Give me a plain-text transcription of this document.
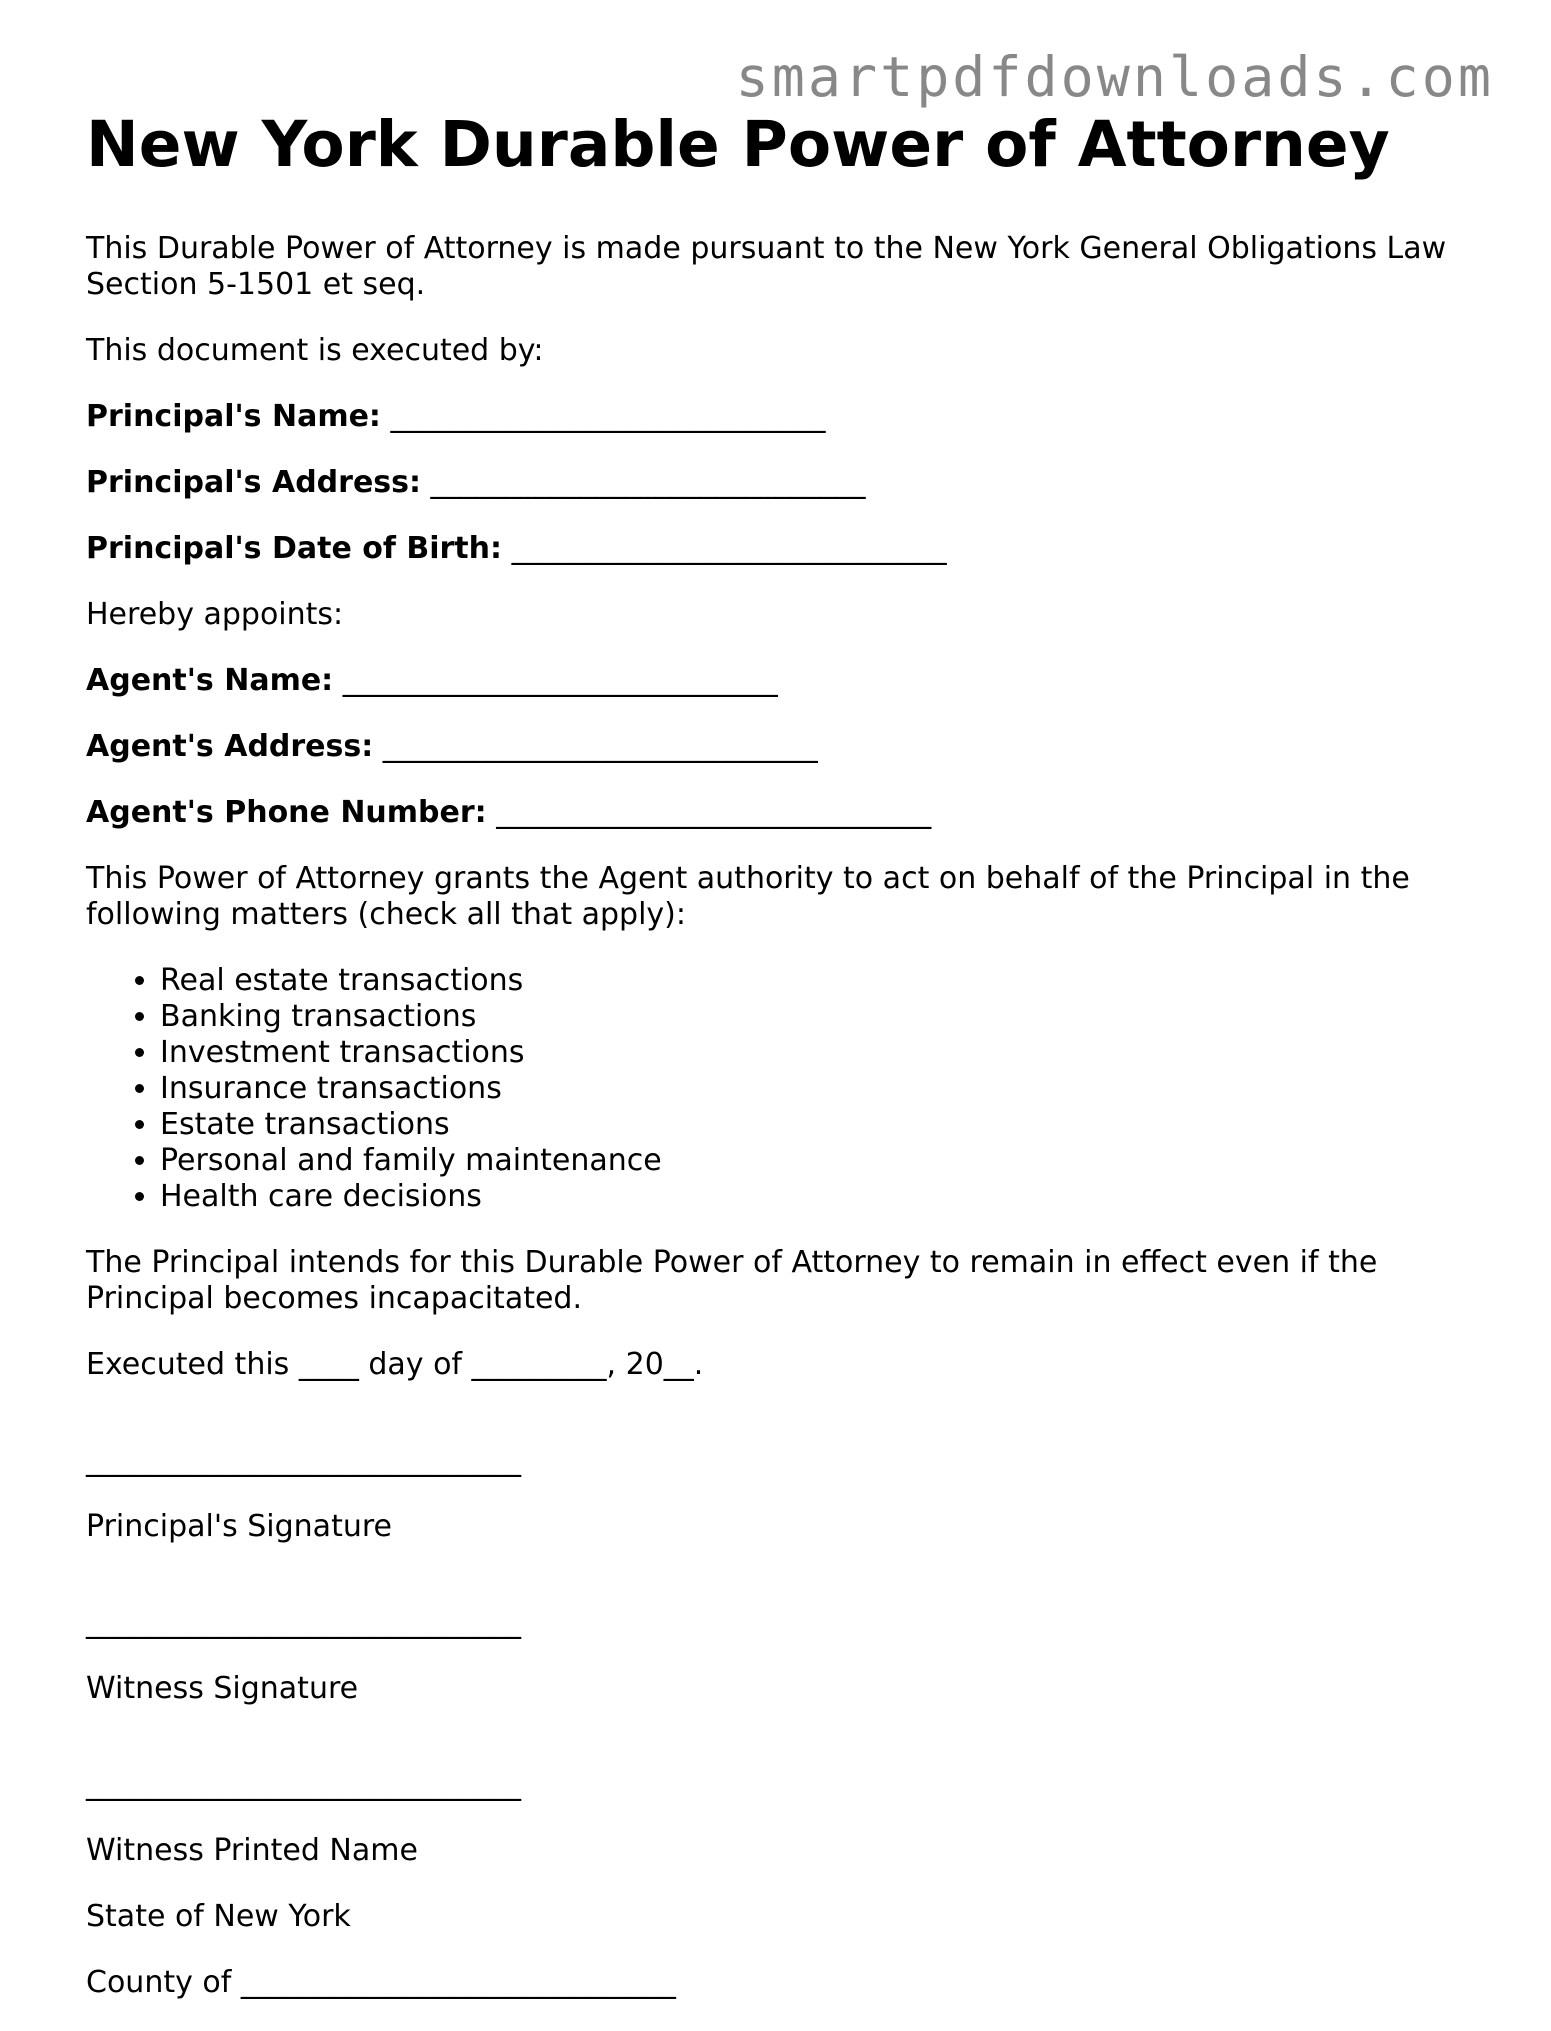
smartpdfdownloads.com
New York Durable Power of Attorney

This Durable Power of Attorney is made pursuant to the New York General Obligations Law Section 5-1501 et seq.

This document is executed by:

Principal's Name: _____________________________

Principal's Address: _____________________________

Principal's Date of Birth: _____________________________

Hereby appoints:

Agent's Name: _____________________________

Agent's Address: _____________________________

Agent's Phone Number: _____________________________

This Power of Attorney grants the Agent authority to act on behalf of the Principal in the following matters (check all that apply):

• Real estate transactions
• Banking transactions
• Investment transactions
• Insurance transactions
• Estate transactions
• Personal and family maintenance
• Health care decisions

The Principal intends for this Durable Power of Attorney to remain in effect even if the Principal becomes incapacitated.

Executed this ____ day of _________, 20__.

_____________________________

Principal's Signature

_____________________________

Witness Signature

_____________________________

Witness Printed Name

State of New York

County of _____________________________
